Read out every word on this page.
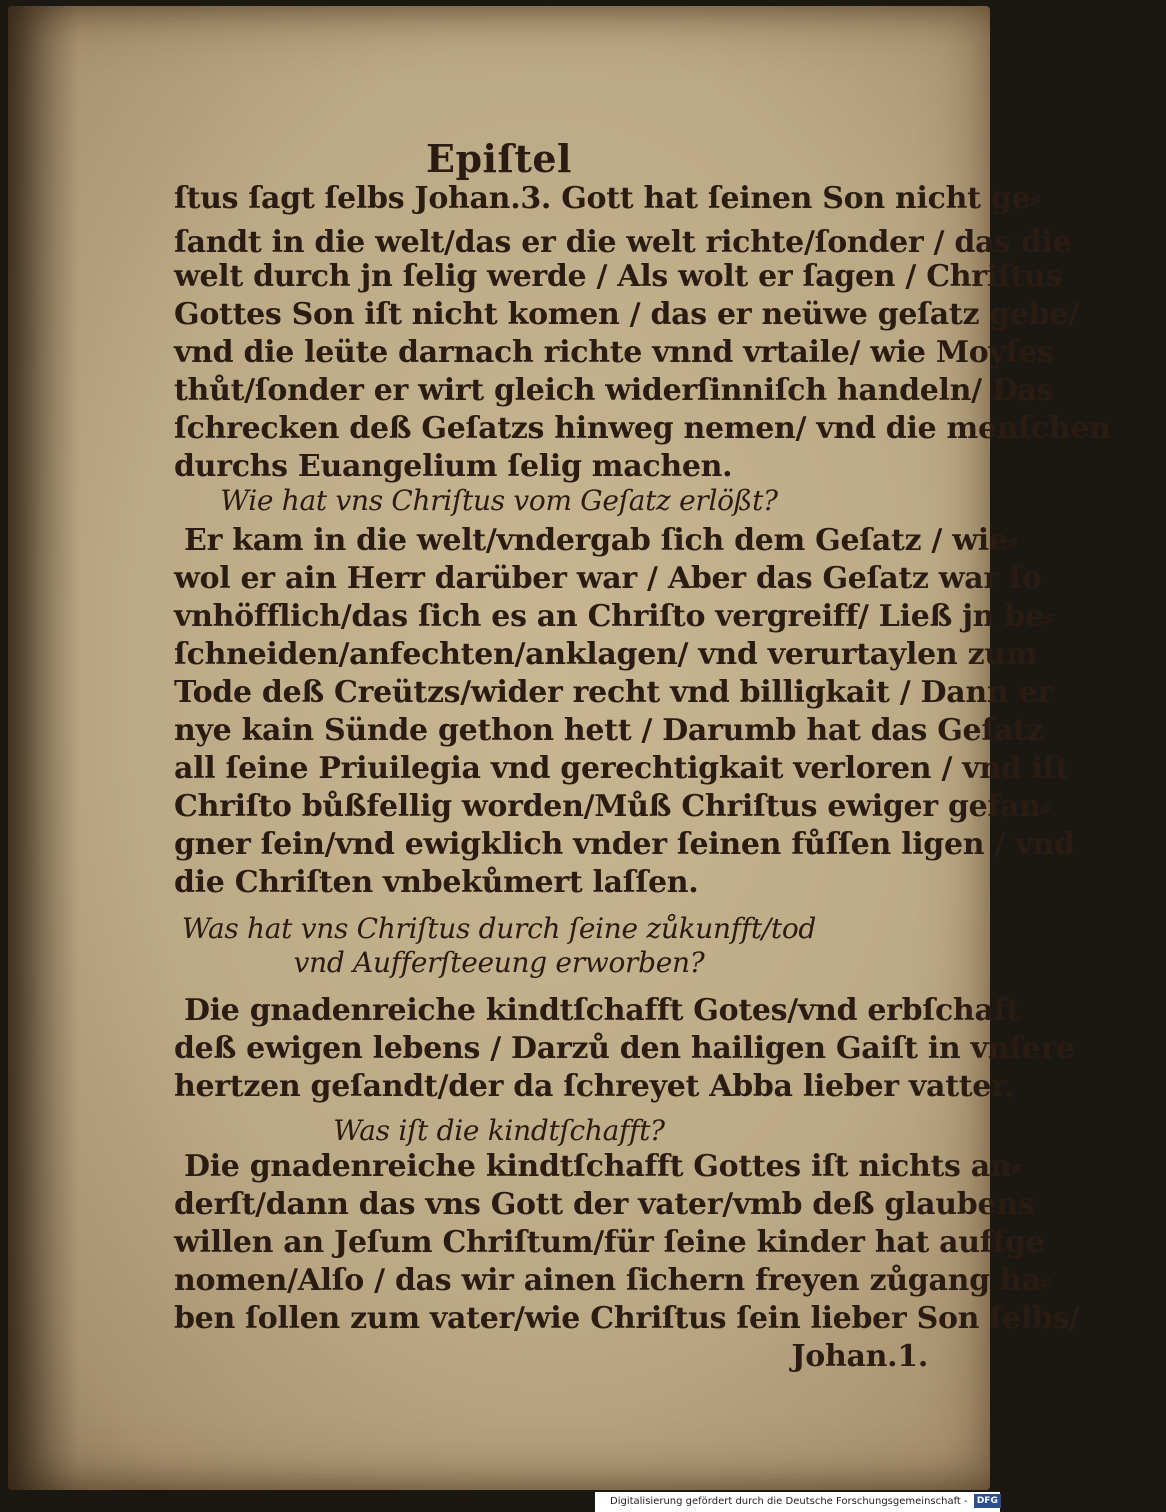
Epiſtel
ſtus ſagt ſelbs Johan.3. Gott hat ſeinen Son nicht ge⸗
ſandt in die welt/das er die welt richte/ſonder / das die
welt durch jn ſelig werde / Als wolt er ſagen / Chriſtus
Gottes Son iſt nicht komen / das er neüwe geſatz gebe/
vnd die leüte darnach richte vnnd vrtaile/ wie Moyſes
thůt/ſonder er wirt gleich widerſinniſch handeln/ Das
ſchrecken deß Geſatzs hinweg nemen/ vnd die menſchen
durchs Euangelium ſelig machen.
Wie hat vns Chriſtus vom Geſatz erlößt?
Er kam in die welt/vndergab ſich dem Geſatz / wie⸗
wol er ain Herr darüber war / Aber das Geſatz war ſo
vnhöfflich/das ſich es an Chriſto vergreiff/ Ließ jn be⸗
ſchneiden/anfechten/anklagen/ vnd verurtaylen zum
Tode deß Creützs/wider recht vnd billigkait / Dann er
nye kain Sünde gethon hett / Darumb hat das Geſatz
all ſeine Priuilegia vnd gerechtigkait verloren / vnd iſt
Chriſto bůßfellig worden/Můß Chriſtus ewiger gefan⸗
gner ſein/vnd ewigklich vnder ſeinen fůſſen ligen / vnd
die Chriſten vnbekůmert laſſen.
Was hat vns Chriſtus durch ſeine zůkunfft/tod
vnd Aufferſteeung erworben?
Die gnadenreiche kindtſchafft Gotes/vnd erbſchaft
deß ewigen lebens / Darzů den hailigen Gaiſt in vnſere
hertzen geſandt/der da ſchreyet Abba lieber vatter.
Was iſt die kindtſchafft?
Die gnadenreiche kindtſchafft Gottes iſt nichts an⸗
derſt/dann das vns Gott der vater/vmb deß glaubens
willen an Jeſum Chriſtum/für ſeine kinder hat auffge
nomen/Alſo / das wir ainen ſichern freyen zůgang ha⸗
ben ſollen zum vater/wie Chriſtus ſein lieber Son ſelbs/
Johan.1.
Digitalisierung gefördert durch die Deutsche Forschungsgemeinschaft - DFG
